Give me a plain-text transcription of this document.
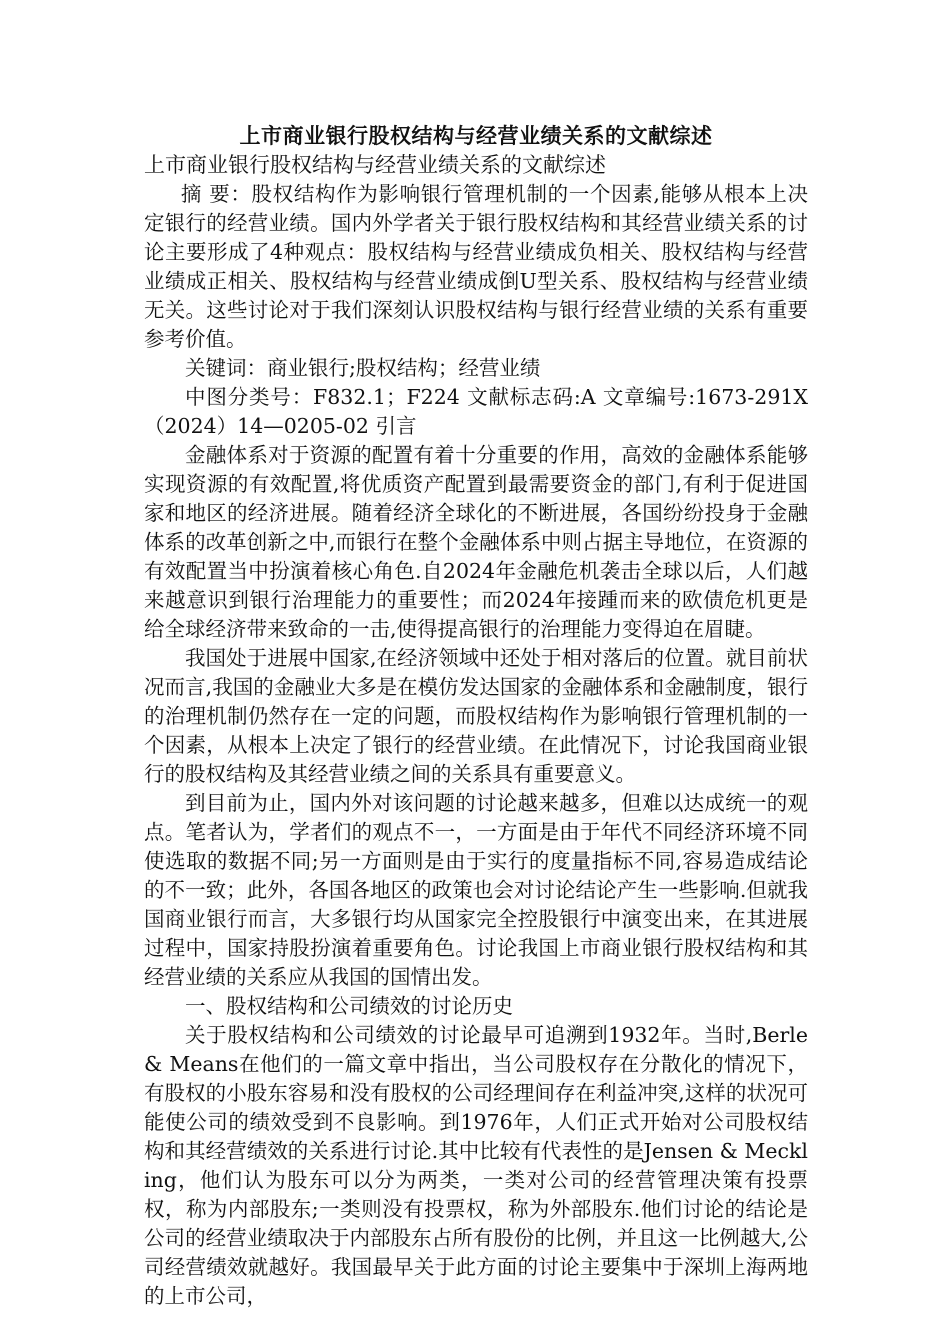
上市商业银行股权结构与经营业绩关系的文献综述

上市商业银行股权结构与经营业绩关系的文献综述

摘 要：股权结构作为影响银行管理机制的一个因素,能够从根本上决定银行的经营业绩。国内外学者关于银行股权结构和其经营业绩关系的讨论主要形成了4种观点：股权结构与经营业绩成负相关、股权结构与经营业绩成正相关、股权结构与经营业绩成倒U型关系、股权结构与经营业绩无关。这些讨论对于我们深刻认识股权结构与银行经营业绩的关系有重要参考价值。

关键词：商业银行;股权结构；经营业绩

中图分类号：F832.1；F224 文献标志码:A 文章编号:1673-291X（2024）14—0205-02 引言

金融体系对于资源的配置有着十分重要的作用，高效的金融体系能够实现资源的有效配置,将优质资产配置到最需要资金的部门,有利于促进国家和地区的经济进展。随着经济全球化的不断进展，各国纷纷投身于金融体系的改革创新之中,而银行在整个金融体系中则占据主导地位，在资源的有效配置当中扮演着核心角色.自2024年金融危机袭击全球以后，人们越来越意识到银行治理能力的重要性；而2024年接踵而来的欧债危机更是给全球经济带来致命的一击,使得提高银行的治理能力变得迫在眉睫。

我国处于进展中国家,在经济领域中还处于相对落后的位置。就目前状况而言,我国的金融业大多是在模仿发达国家的金融体系和金融制度，银行的治理机制仍然存在一定的问题，而股权结构作为影响银行管理机制的一个因素，从根本上决定了银行的经营业绩。在此情况下，讨论我国商业银行的股权结构及其经营业绩之间的关系具有重要意义。

到目前为止，国内外对该问题的讨论越来越多，但难以达成统一的观点。笔者认为，学者们的观点不一，一方面是由于年代不同经济环境不同使选取的数据不同;另一方面则是由于实行的度量指标不同,容易造成结论的不一致；此外，各国各地区的政策也会对讨论结论产生一些影响.但就我国商业银行而言，大多银行均从国家完全控股银行中演变出来，在其进展过程中，国家持股扮演着重要角色。讨论我国上市商业银行股权结构和其经营业绩的关系应从我国的国情出发。

一、股权结构和公司绩效的讨论历史

关于股权结构和公司绩效的讨论最早可追溯到1932年。当时,Berle & Means在他们的一篇文章中指出，当公司股权存在分散化的情况下，有股权的小股东容易和没有股权的公司经理间存在利益冲突,这样的状况可能使公司的绩效受到不良影响。到1976年，人们正式开始对公司股权结构和其经营绩效的关系进行讨论.其中比较有代表性的是Jensen & Meckling，他们认为股东可以分为两类，一类对公司的经营管理决策有投票权，称为内部股东;一类则没有投票权，称为外部股东.他们讨论的结论是公司的经营业绩取决于内部股东占所有股份的比例，并且这一比例越大,公司经营绩效就越好。我国最早关于此方面的讨论主要集中于深圳上海两地的上市公司，
